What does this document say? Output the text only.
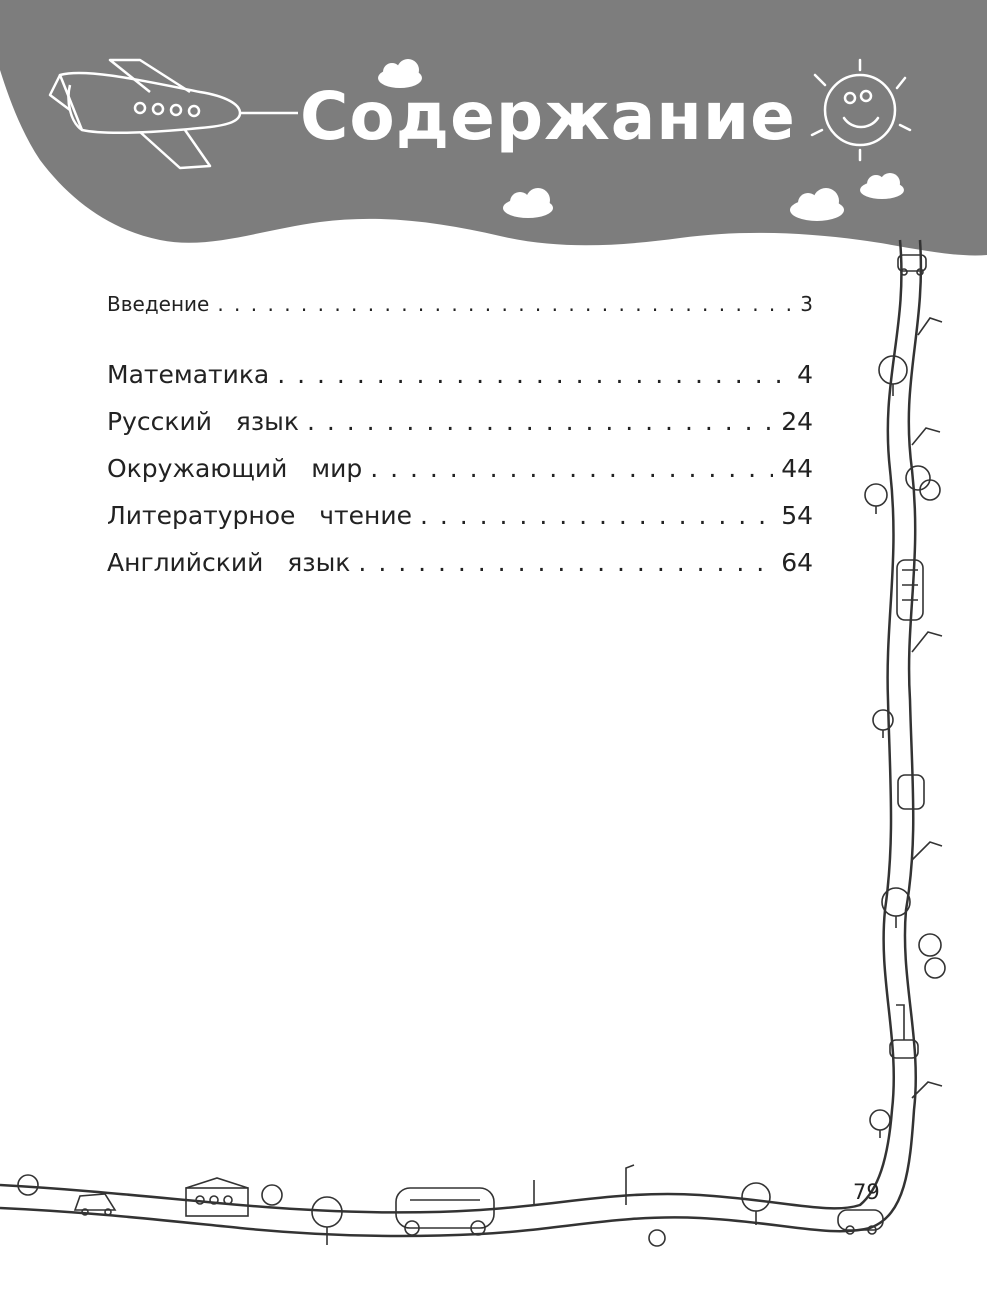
Содержание
Введение . . .	3
Математика . . .	4
Русский   язык . . .	24
Окружающий   мир . . .	44
Литературное   чтение . . .	54
Английский   язык . . .	64
79
